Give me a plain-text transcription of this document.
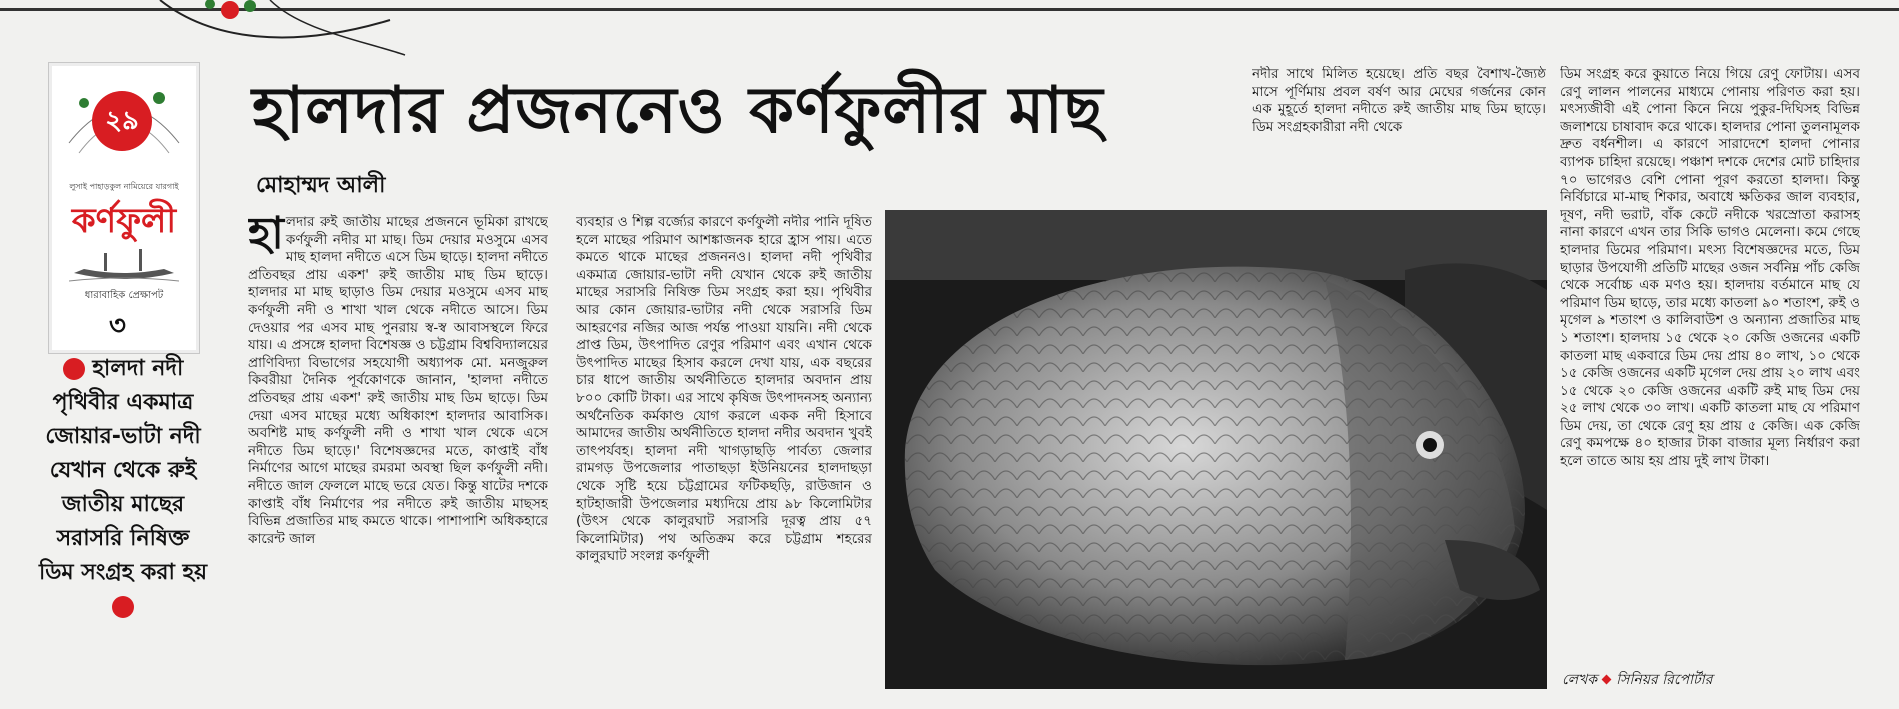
২৯
লুসাই পাহাড়কুল নামিয়েরে যারগাই
কর্ণফুলী
ধারাবাহিক প্রেক্ষাপট
৩
হালদা নদী পৃথিবীর একমাত্র জোয়ার-ভাটা নদী যেখান থেকে রুই জাতীয় মাছের সরাসরি নিষিক্ত ডিম সংগ্রহ করা হয়
হালদার প্রজননেও কর্ণফুলীর মাছ
মোহাম্মদ আলী

হালদার রুই জাতীয় মাছের প্রজননে ভূমিকা রাখছে কর্ণফুলী নদীর মা মাছ। ডিম দেয়ার মওসুমে এসব মাছ হালদা নদীতে এসে ডিম ছাড়ে। হালদা নদীতে প্রতিবছর প্রায় একশ' রুই জাতীয় মাছ ডিম ছাড়ে। হালদার মা মাছ ছাড়াও ডিম দেয়ার মওসুমে এসব মাছ কর্ণফুলী নদী ও শাখা খাল থেকে নদীতে আসে। ডিম দেওয়ার পর এসব মাছ পুনরায় স্ব-স্ব আবাসস্থলে ফিরে যায়। এ প্রসঙ্গে হালদা বিশেষজ্ঞ ও চট্টগ্রাম বিশ্ববিদ্যালয়ের প্রাণিবিদ্যা বিভাগের সহযোগী অধ্যাপক মো. মনজুরুল কিবরীয়া দৈনিক পূর্বকোণকে জানান, 'হালদা নদীতে প্রতিবছর প্রায় একশ' রুই জাতীয় মাছ ডিম ছাড়ে। ডিম দেয়া এসব মাছের মধ্যে অধিকাংশ হালদার আবাসিক। অবশিষ্ট মাছ কর্ণফুলী নদী ও শাখা খাল থেকে এসে নদীতে ডিম ছাড়ে।' বিশেষজ্ঞদের মতে, কাপ্তাই বাঁধ নির্মাণের আগে মাছের রমরমা অবস্থা ছিল কর্ণফুলী নদী। নদীতে জাল ফেললে মাছে ভরে যেত। কিন্তু ষাটের দশকে কাপ্তাই বাঁধ নির্মাণের পর নদীতে রুই জাতীয় মাছসহ বিভিন্ন প্রজাতির মাছ কমতে থাকে। পাশাপাশি অধিকহারে কারেন্ট জাল

ব্যবহার ও শিল্প বর্জ্যের কারণে কর্ণফুলী নদীর পানি দূষিত হলে মাছের পরিমাণ আশঙ্কাজনক হারে হ্রাস পায়। এতে কমতে থাকে মাছের প্রজননও। হালদা নদী পৃথিবীর একমাত্র জোয়ার-ভাটা নদী যেখান থেকে রুই জাতীয় মাছের সরাসরি নিষিক্ত ডিম সংগ্রহ করা হয়। পৃথিবীর আর কোন জোয়ার-ভাটার নদী থেকে সরাসরি ডিম আহরণের নজির আজ পর্যন্ত পাওয়া যায়নি। নদী থেকে প্রাপ্ত ডিম, উৎপাদিত রেণুর পরিমাণ এবং এখান থেকে উৎপাদিত মাছের হিসাব করলে দেখা যায়, এক বছরের চার ধাপে জাতীয় অর্থনীতিতে হালদার অবদান প্রায় ৮০০ কোটি টাকা। এর সাথে কৃষিজ উৎপাদনসহ অন্যান্য অর্থনৈতিক কর্মকাণ্ড যোগ করলে একক নদী হিসাবে আমাদের জাতীয় অর্থনীতিতে হালদা নদীর অবদান খুবই তাৎপর্যবহ। হালদা নদী খাগড়াছড়ি পার্বত্য জেলার রামগড় উপজেলার পাতাছড়া ইউনিয়নের হালদাছড়া থেকে সৃষ্টি হয়ে চট্টগ্রামের ফটিকছড়ি, রাউজান ও হাটহাজারী উপজেলার মধ্যদিয়ে প্রায় ৯৮ কিলোমিটার (উৎস থেকে কালুরঘাট সরাসরি দূরত্ব প্রায় ৫৭ কিলোমিটার) পথ অতিক্রম করে চট্টগ্রাম শহরের কালুরঘাট সংলগ্ন কর্ণফুলী

নদীর সাথে মিলিত হয়েছে। প্রতি বছর বৈশাখ-জ্যৈষ্ঠ মাসে পূর্ণিমায় প্রবল বর্ষণ আর মেঘের গর্জনের কোন এক মুহূর্তে হালদা নদীতে রুই জাতীয় মাছ ডিম ছাড়ে। ডিম সংগ্রহকারীরা নদী থেকে

ডিম সংগ্রহ করে কুয়াতে নিয়ে গিয়ে রেণু ফোটায়। এসব রেণু লালন পালনের মাধ্যমে পোনায় পরিণত করা হয়। মৎস্যজীবী এই পোনা কিনে নিয়ে পুকুর-দিঘিসহ বিভিন্ন জলাশয়ে চাষাবাদ করে থাকে। হালদার পোনা তুলনামূলক দ্রুত বর্ধনশীল। এ কারণে সারাদেশে হালদা পোনার ব্যাপক চাহিদা রয়েছে। পঞ্চাশ দশকে দেশের মোট চাহিদার ৭০ ভাগেরও বেশি পোনা পূরণ করতো হালদা। কিন্তু নির্বিচারে মা-মাছ শিকার, অবাধে ক্ষতিকর জাল ব্যবহার, দূষণ, নদী ভরাট, বাঁক কেটে নদীকে খরস্রোতা করাসহ নানা কারণে এখন তার সিকি ভাগও মেলেনা। কমে গেছে হালদার ডিমের পরিমাণ। মৎস্য বিশেষজ্ঞদের মতে, ডিম ছাড়ার উপযোগী প্রতিটি মাছের ওজন সর্বনিম্ন পাঁচ কেজি থেকে সর্বোচ্চ এক মণও হয়। হালদায় বর্তমানে মাছ যে পরিমাণ ডিম ছাড়ে, তার মধ্যে কাতলা ৯০ শতাংশ, রুই ও মৃগেল ৯ শতাংশ ও কালিবাউশ ও অন্যান্য প্রজাতির মাছ ১ শতাংশ। হালদায় ১৫ থেকে ২০ কেজি ওজনের একটি কাতলা মাছ একবারে ডিম দেয় প্রায় ৪০ লাখ, ১০ থেকে ১৫ কেজি ওজনের একটি মৃগেল দেয় প্রায় ২০ লাখ এবং ১৫ থেকে ২০ কেজি ওজনের একটি রুই মাছ ডিম দেয় ২৫ লাখ থেকে ৩০ লাখ। একটি কাতলা মাছ যে পরিমাণ ডিম দেয়, তা থেকে রেণু হয় প্রায় ৫ কেজি। এক কেজি রেণু কমপক্ষে ৪০ হাজার টাকা বাজার মূল্য নির্ধারণ করা হলে তাতে আয় হয় প্রায় দুই লাখ টাকা।

লেখক সিনিয়র রিপোর্টার
